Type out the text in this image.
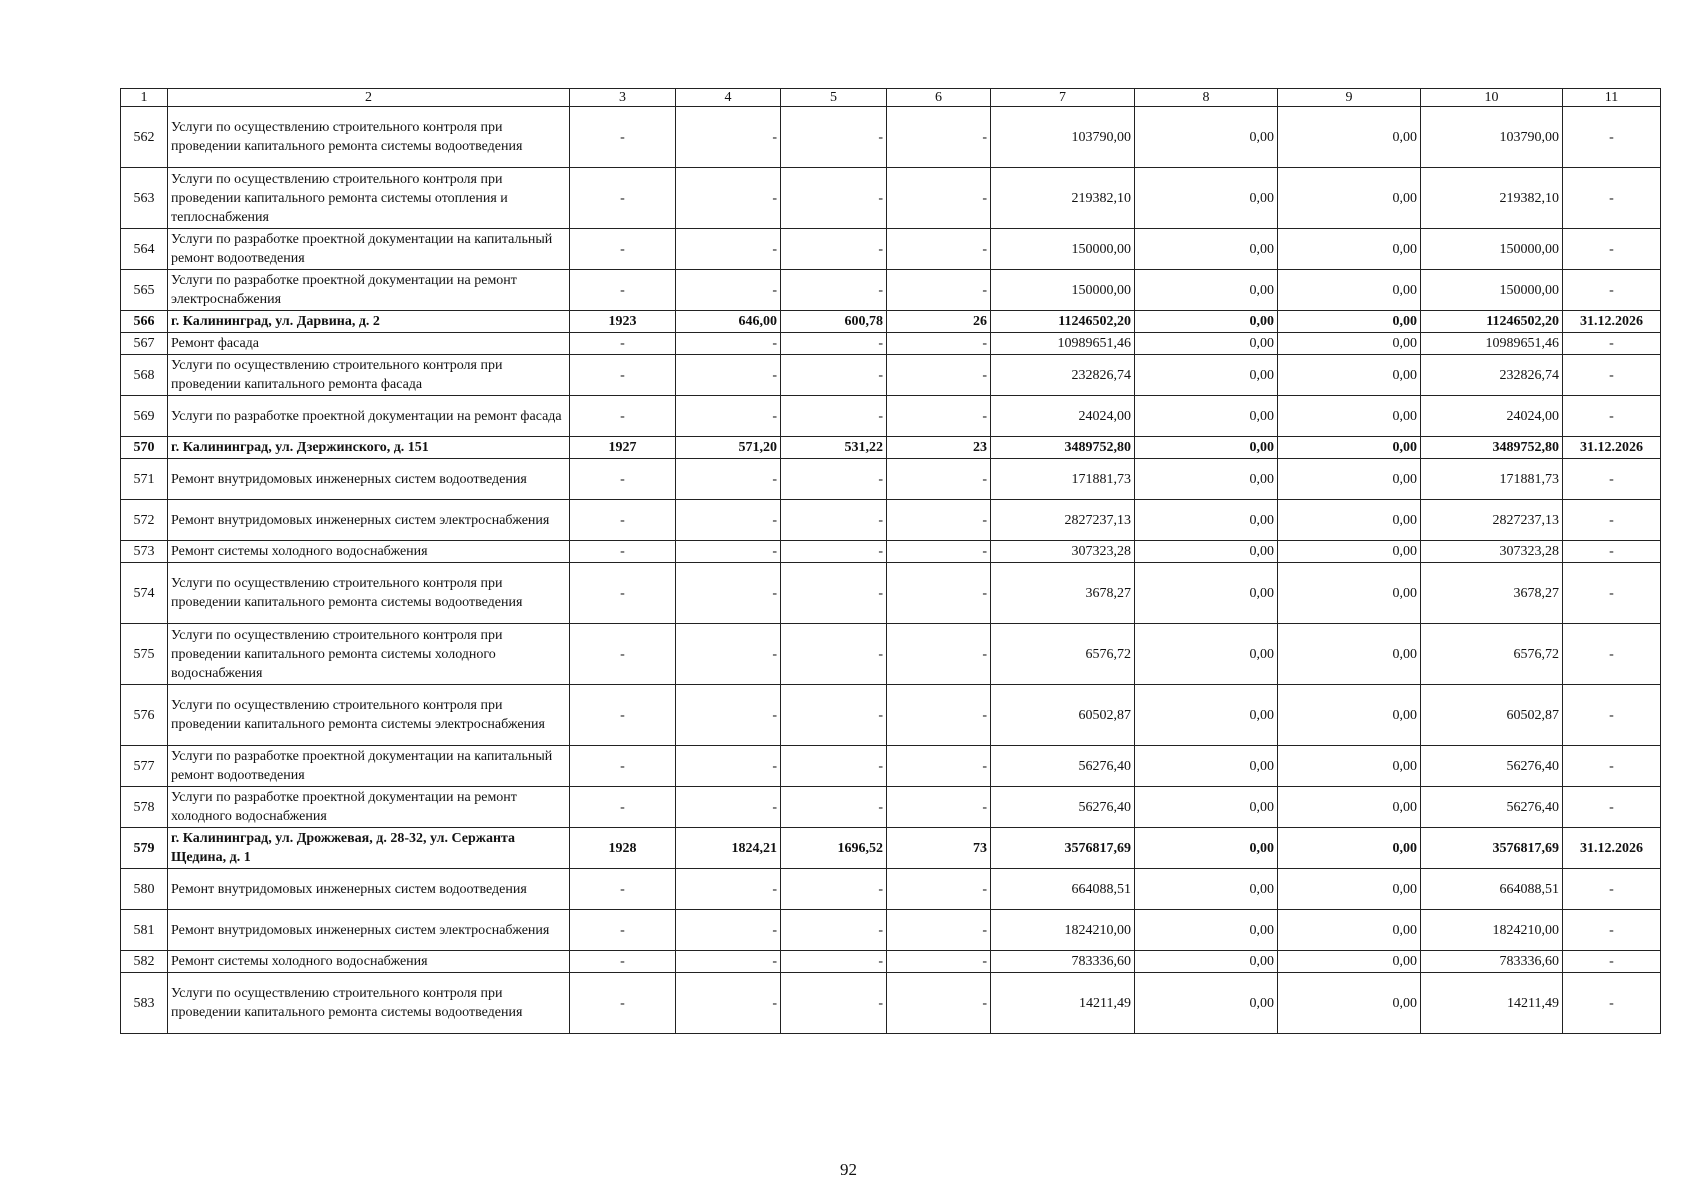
1	2	3	4	5	6	7	8	9	10	11
562	Услуги по осуществлению строительного контроля при проведении капитального ремонта системы водоотведения	-	-	-	-	103790,00	0,00	0,00	103790,00	-
563	Услуги по осуществлению строительного контроля при проведении капитального ремонта системы отопления и теплоснабжения	-	-	-	-	219382,10	0,00	0,00	219382,10	-
564	Услуги по разработке проектной документации на капитальный ремонт водоотведения	-	-	-	-	150000,00	0,00	0,00	150000,00	-
565	Услуги по разработке проектной документации на ремонт электроснабжения	-	-	-	-	150000,00	0,00	0,00	150000,00	-
566	г. Калининград, ул. Дарвина, д. 2	1923	646,00	600,78	26	11246502,20	0,00	0,00	11246502,20	31.12.2026
567	Ремонт фасада	-	-	-	-	10989651,46	0,00	0,00	10989651,46	-
568	Услуги по осуществлению строительного контроля при проведении капитального ремонта фасада	-	-	-	-	232826,74	0,00	0,00	232826,74	-
569	Услуги по разработке проектной документации на ремонт фасада	-	-	-	-	24024,00	0,00	0,00	24024,00	-
570	г. Калининград, ул. Дзержинского, д. 151	1927	571,20	531,22	23	3489752,80	0,00	0,00	3489752,80	31.12.2026
571	Ремонт внутридомовых инженерных систем водоотведения	-	-	-	-	171881,73	0,00	0,00	171881,73	-
572	Ремонт внутридомовых инженерных систем электроснабжения	-	-	-	-	2827237,13	0,00	0,00	2827237,13	-
573	Ремонт системы холодного водоснабжения	-	-	-	-	307323,28	0,00	0,00	307323,28	-
574	Услуги по осуществлению строительного контроля при проведении капитального ремонта системы водоотведения	-	-	-	-	3678,27	0,00	0,00	3678,27	-
575	Услуги по осуществлению строительного контроля при проведении капитального ремонта системы холодного водоснабжения	-	-	-	-	6576,72	0,00	0,00	6576,72	-
576	Услуги по осуществлению строительного контроля при проведении капитального ремонта системы электроснабжения	-	-	-	-	60502,87	0,00	0,00	60502,87	-
577	Услуги по разработке проектной документации на капитальный ремонт водоотведения	-	-	-	-	56276,40	0,00	0,00	56276,40	-
578	Услуги по разработке проектной документации на ремонт холодного водоснабжения	-	-	-	-	56276,40	0,00	0,00	56276,40	-
579	г. Калининград, ул. Дрожжевая, д. 28-32, ул. Сержанта Щедина, д. 1	1928	1824,21	1696,52	73	3576817,69	0,00	0,00	3576817,69	31.12.2026
580	Ремонт внутридомовых инженерных систем водоотведения	-	-	-	-	664088,51	0,00	0,00	664088,51	-
581	Ремонт внутридомовых инженерных систем электроснабжения	-	-	-	-	1824210,00	0,00	0,00	1824210,00	-
582	Ремонт системы холодного водоснабжения	-	-	-	-	783336,60	0,00	0,00	783336,60	-
583	Услуги по осуществлению строительного контроля при проведении капитального ремонта системы водоотведения	-	-	-	-	14211,49	0,00	0,00	14211,49	-
92
